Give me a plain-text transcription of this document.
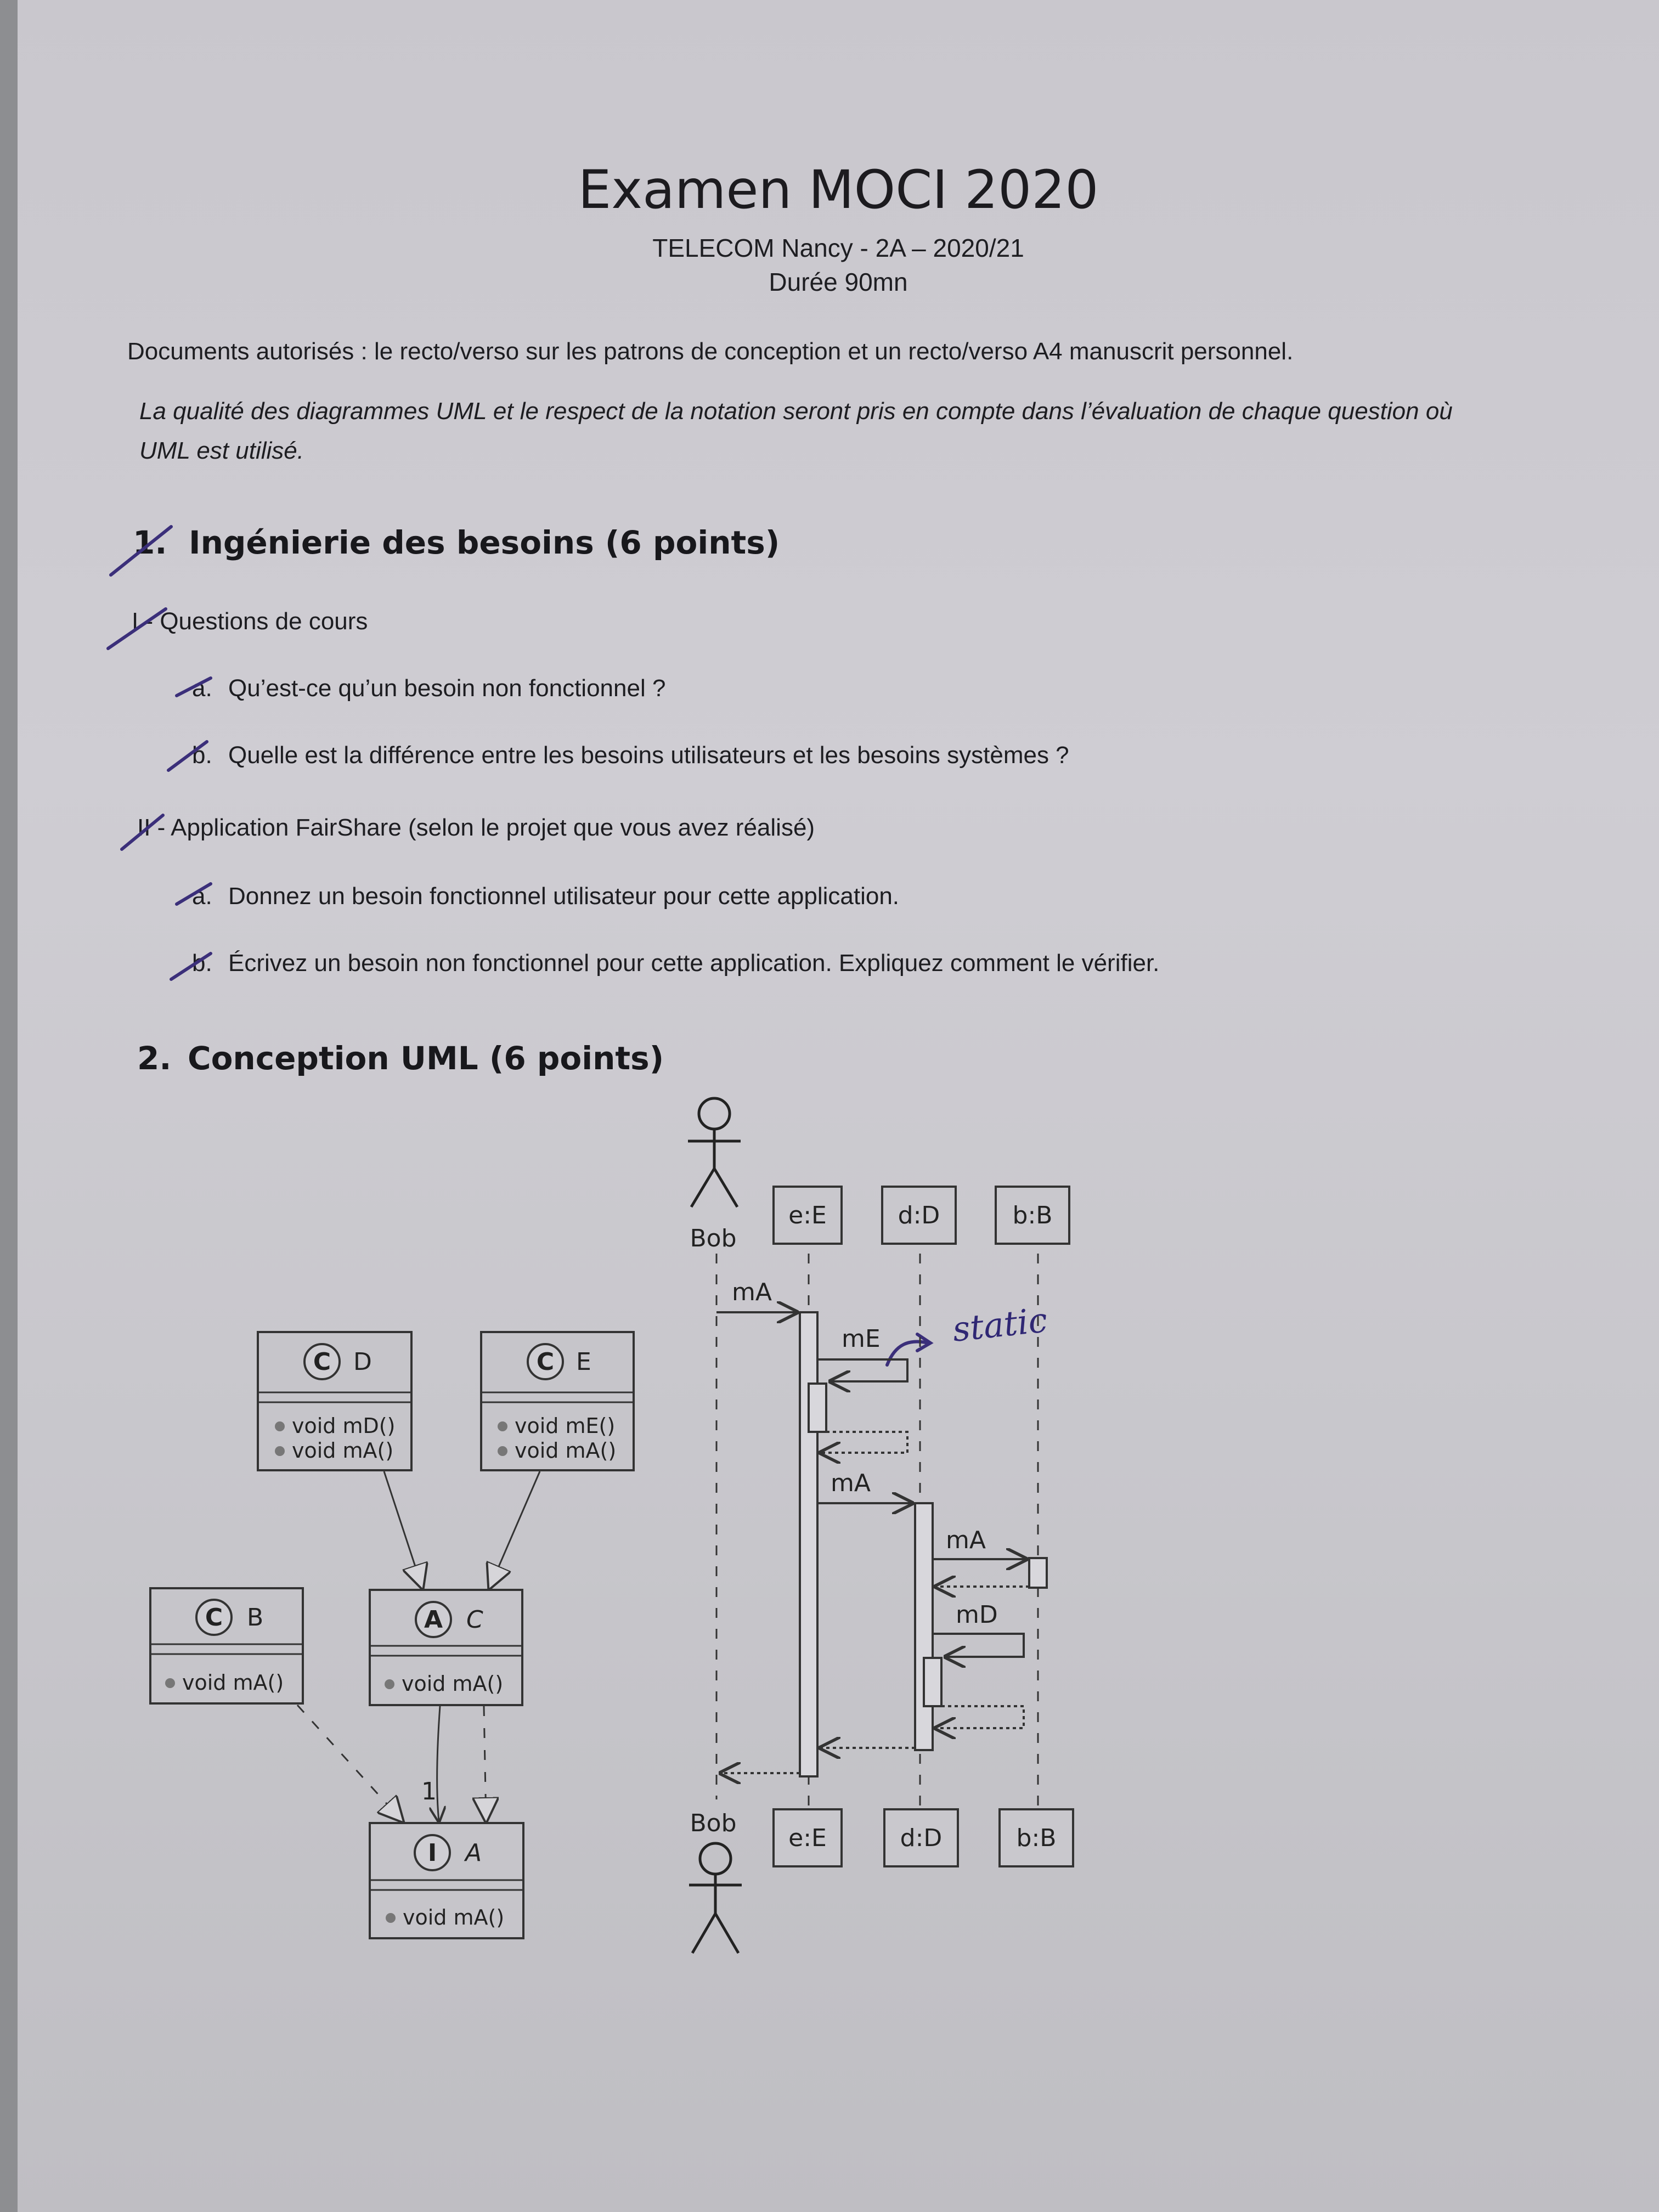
Examen MOCI 2020
TELECOM Nancy - 2A – 2020/21
Durée 90mn
Documents autorisés : le recto/verso sur les patrons de conception et un recto/verso A4 manuscrit personnel.
La qualité des diagrammes UML et le respect de la notation seront pris en compte dans l’évaluation de chaque question où
UML est utilisé.
1. Ingénierie des besoins (6 points)
I - Questions de cours
a. Qu’est-ce qu’un besoin non fonctionnel ?
b. Quelle est la différence entre les besoins utilisateurs et les besoins systèmes ?
II - Application FairShare (selon le projet que vous avez réalisé)
a. Donnez un besoin fonctionnel utilisateur pour cette application.
b. Écrivez un besoin non fonctionnel pour cette application. Expliquez comment le vérifier.
2. Conception UML (6 points)
C D
void mD()
void mA()
C E
void mE()
void mA()
C B
void mA()
A C
void mA()
I A
void mA()
1
Bob
e:E	d:D	b:B
mA
mE
mA
mA
mD
Bob
e:E	d:D	b:B
static
